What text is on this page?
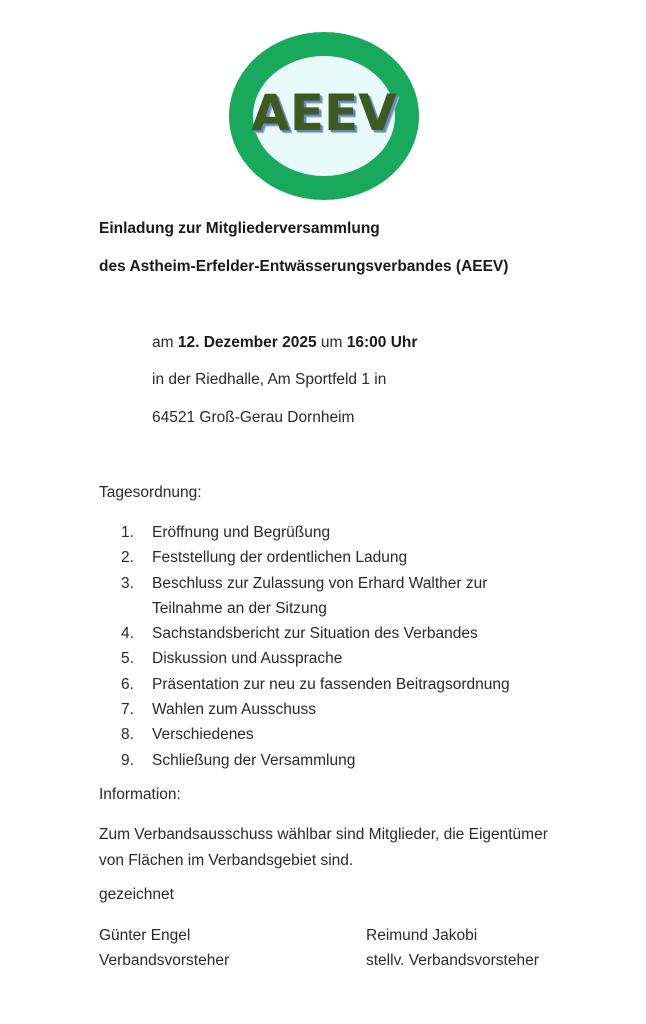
AEEV
Einladung zur Mitgliederversammlung
des Astheim-Erfelder-Entwässerungsverbandes (AEEV)
am 12. Dezember 2025 um 16:00 Uhr
in der Riedhalle, Am Sportfeld 1 in
64521 Groß-Gerau Dornheim
Tagesordnung:
1.	Eröffnung und Begrüßung
2.	Feststellung der ordentlichen Ladung
3.	Beschluss zur Zulassung von Erhard Walther zur Teilnahme an der Sitzung
4.	Sachstandsbericht zur Situation des Verbandes
5.	Diskussion und Aussprache
6.	Präsentation zur neu zu fassenden Beitragsordnung
7.	Wahlen zum Ausschuss
8.	Verschiedenes
9.	Schließung der Versammlung
Information:
Zum Verbandsausschuss wählbar sind Mitglieder, die Eigentümer von Flächen im Verbandsgebiet sind.
gezeichnet
Günter Engel
Verbandsvorsteher
Reimund Jakobi
stellv. Verbandsvorsteher
